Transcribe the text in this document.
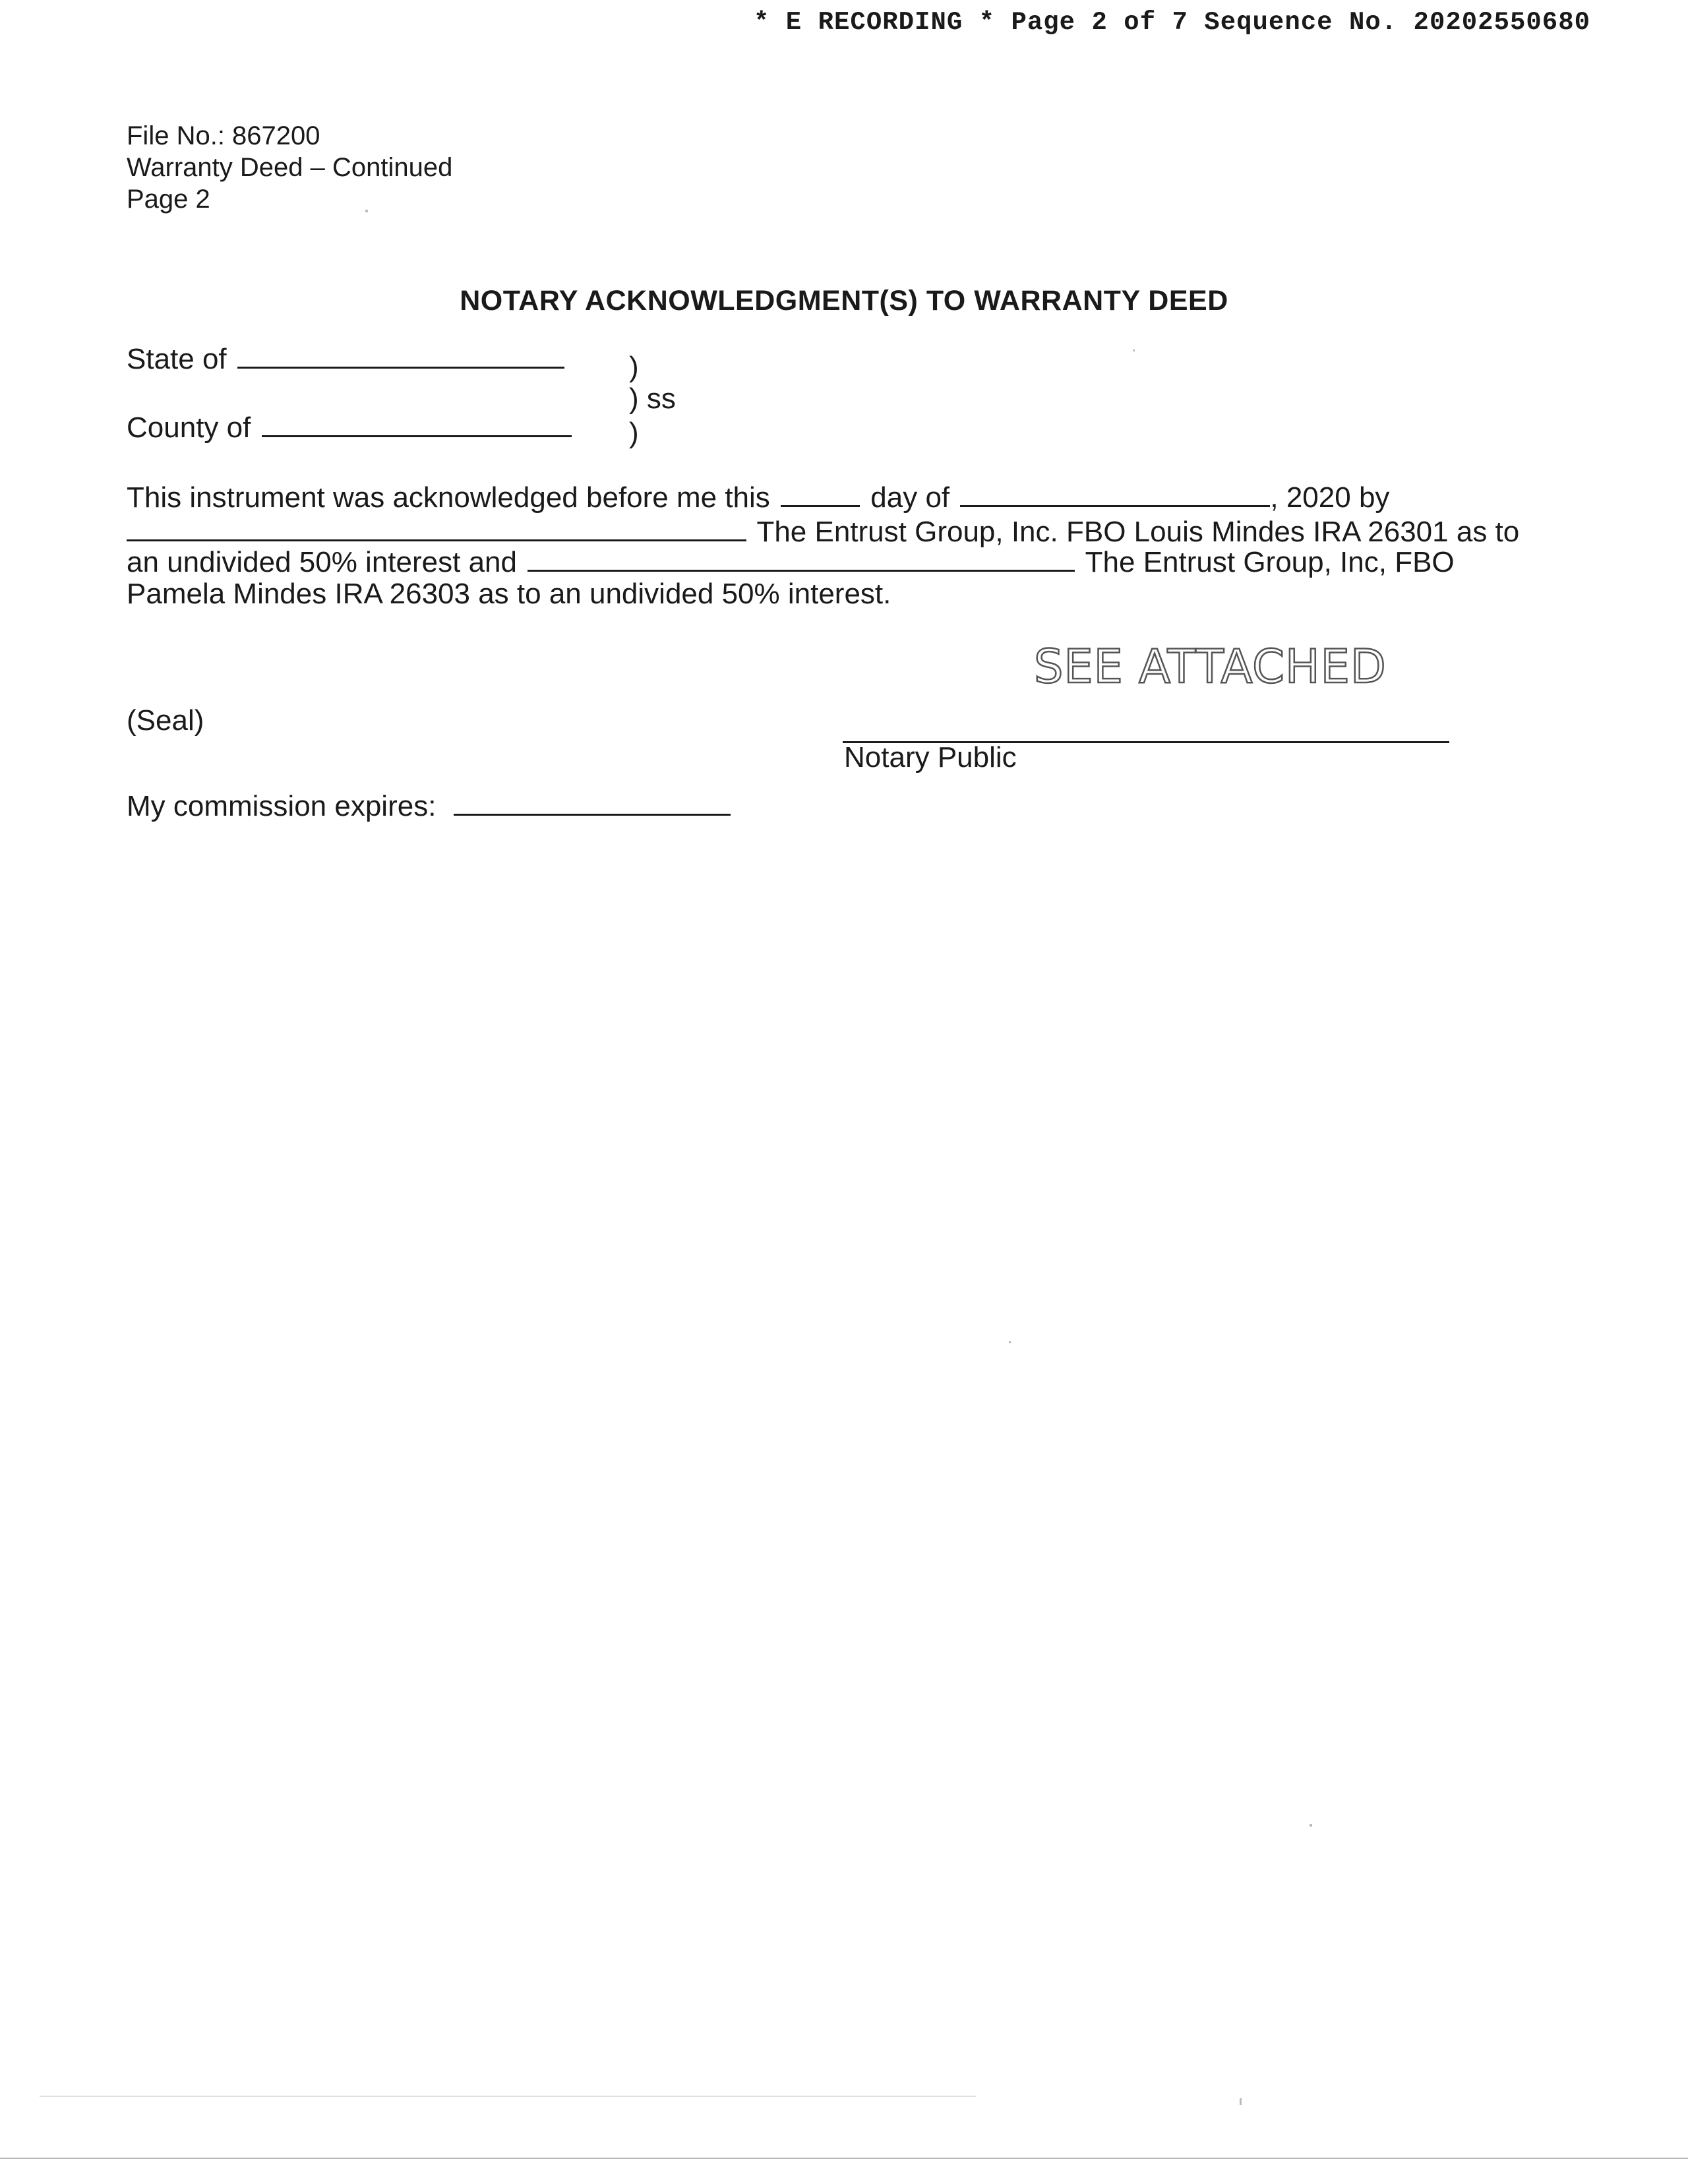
* E RECORDING * Page 2 of 7 Sequence No. 20202550680
File No.: 867200
Warranty Deed – Continued
Page 2
NOTARY ACKNOWLEDGMENT(S) TO WARRANTY DEED
State of
County of
)
) ss
)
This instrument was acknowledged before me this	day of	, 2020 by
The Entrust Group, Inc. FBO Louis Mindes IRA 26301 as to
an undivided 50% interest and	The Entrust Group, Inc, FBO
Pamela Mindes IRA 26303 as to an undivided 50% interest.
SEE ATTACHED
(Seal)
Notary Public
My commission expires:
